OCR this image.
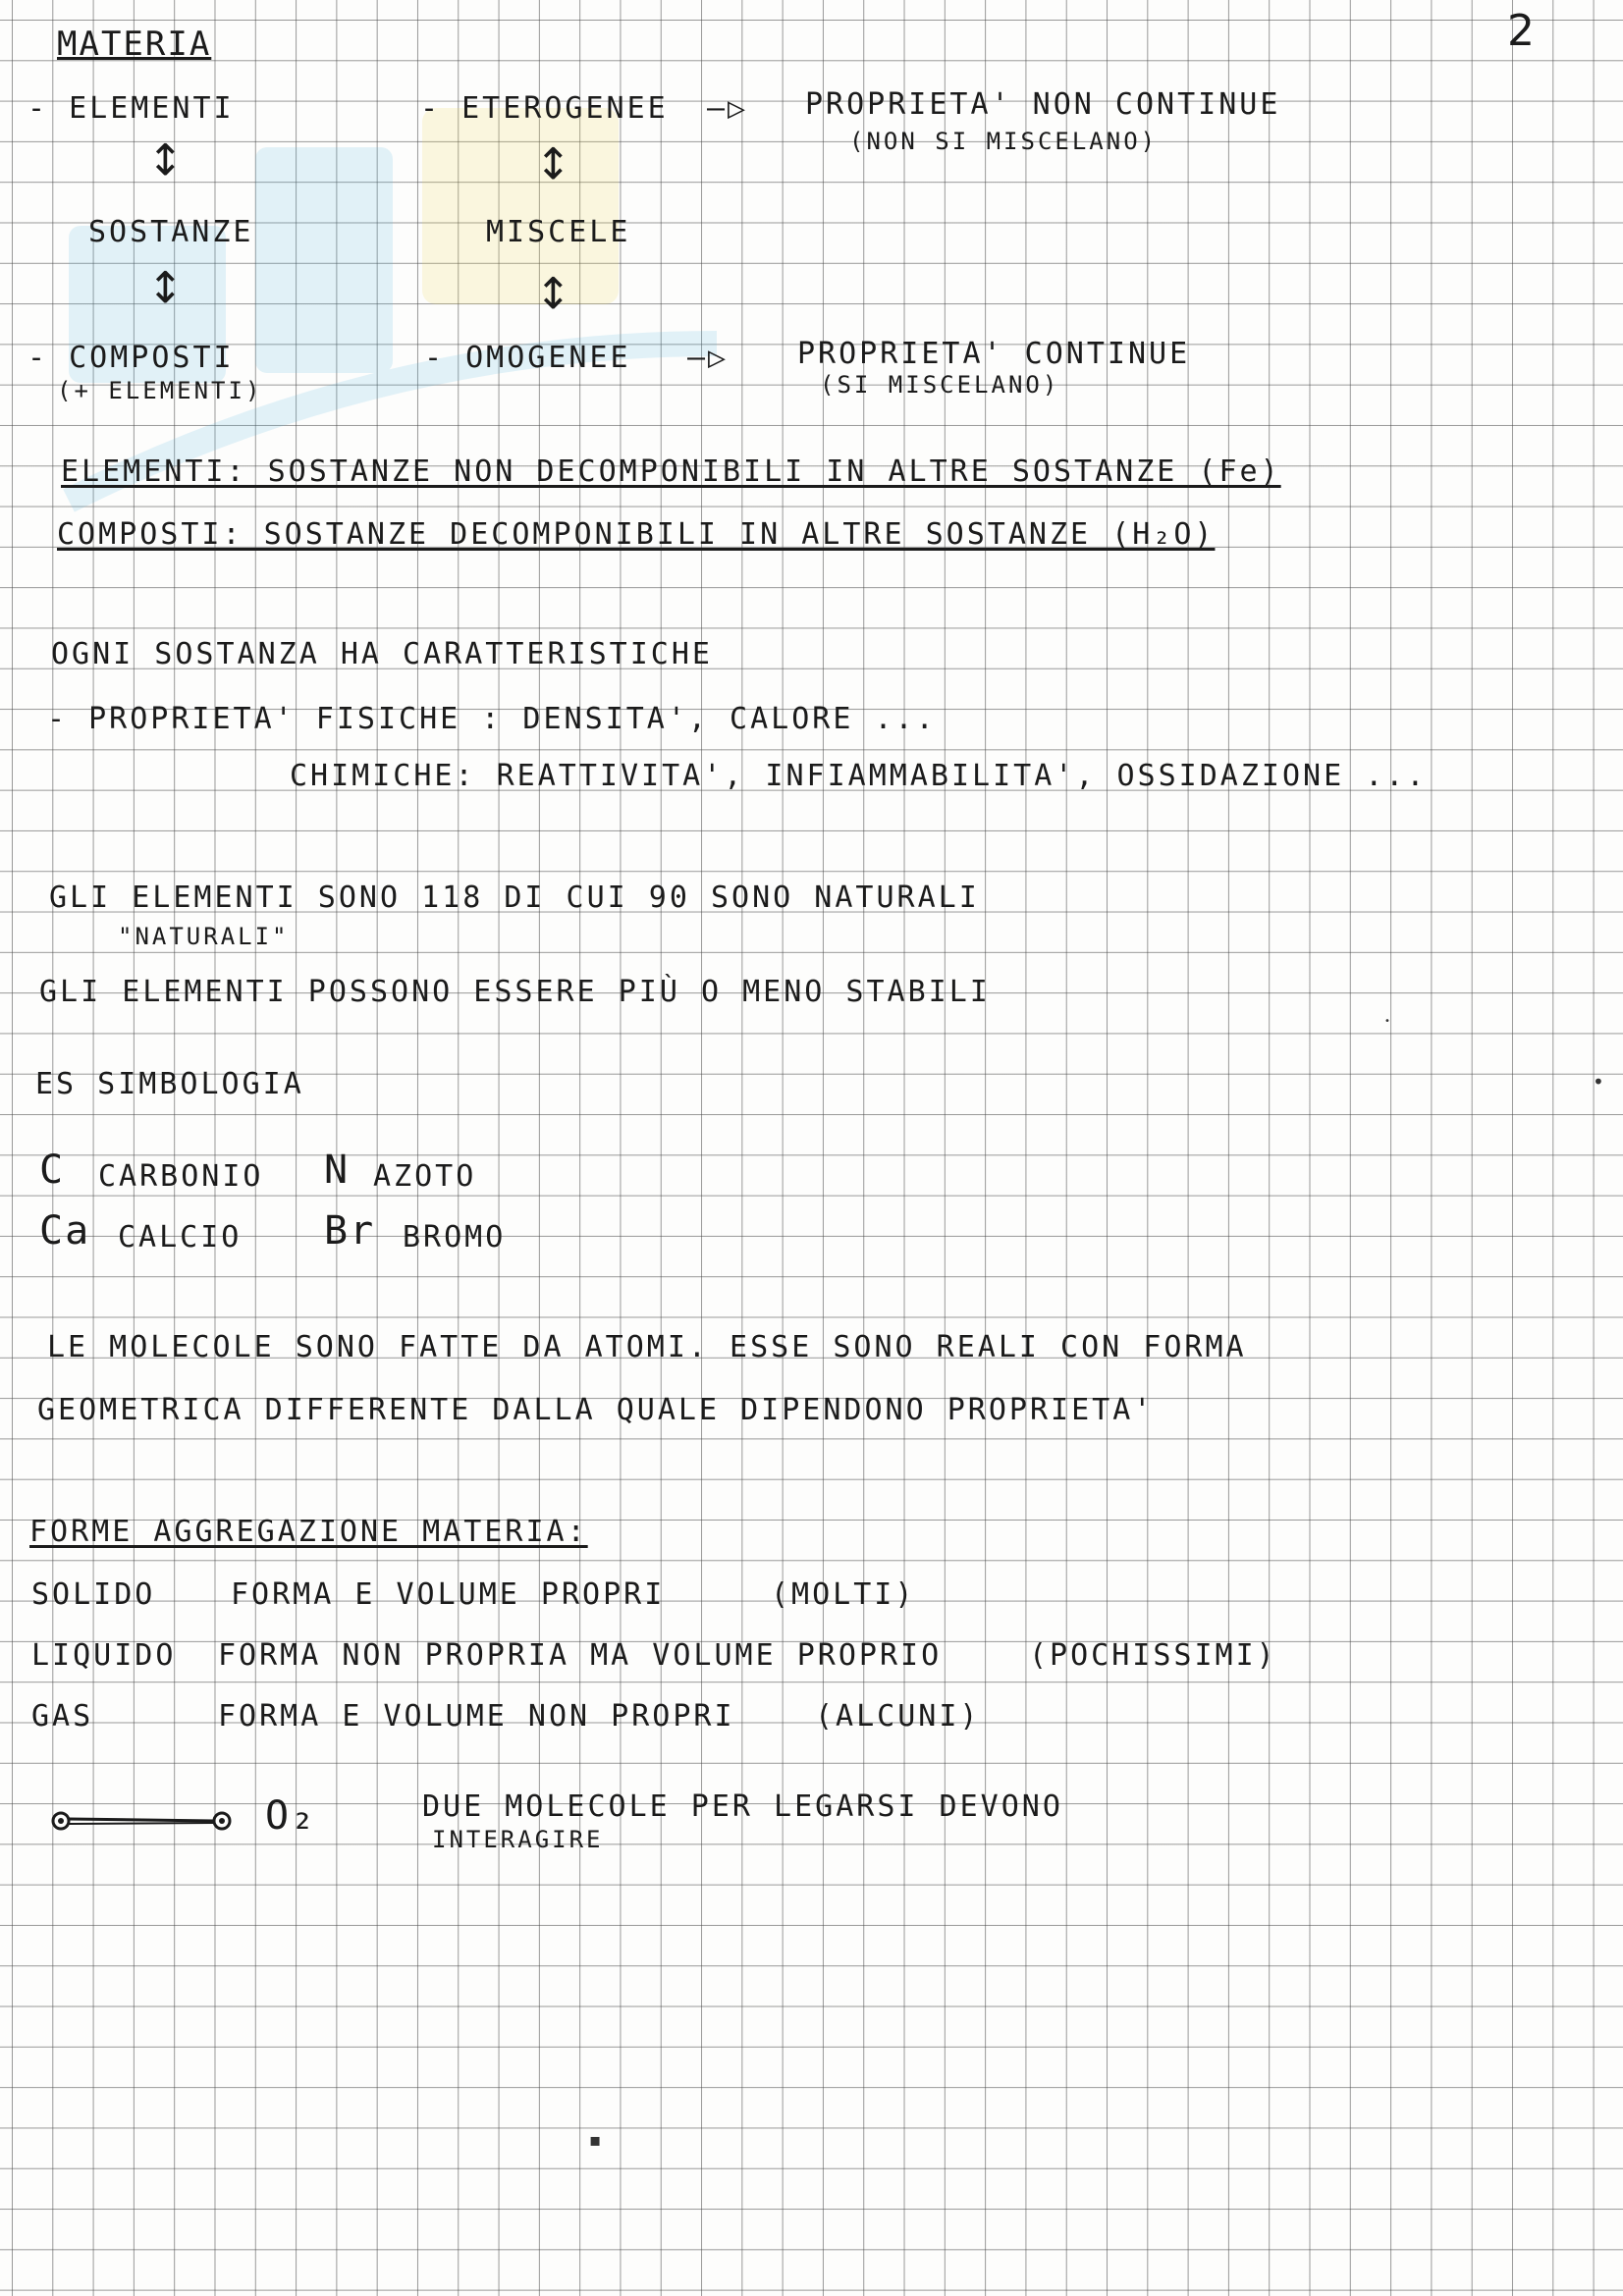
2
MATERIA
- ELEMENTI
↕
SOSTANZE
↕
- COMPOSTI
(+ ELEMENTI)
- ETEROGENEE
↕
MISCELE
↕
- OMOGENEE
—▷ PROPRIETA' NON CONTINUE
(NON SI MISCELANO)
—▷ PROPRIETA' CONTINUE
(SI MISCELANO)
ELEMENTI: SOSTANZE NON DECOMPONIBILI IN ALTRE SOSTANZE (Fe)
COMPOSTI: SOSTANZE DECOMPONIBILI IN ALTRE SOSTANZE (H₂O)
OGNI SOSTANZA HA CARATTERISTICHE
- PROPRIETA' FISICHE : DENSITA', CALORE ...
CHIMICHE: REATTIVITA', INFIAMMABILITA', OSSIDAZIONE ...
GLI ELEMENTI SONO 118 DI CUI 90 SONO NATURALI
"NATURALI"
GLI ELEMENTI POSSONO ESSERE PIÙ O MENO STABILI
ES SIMBOLOGIA
C CARBONIO N AZOTO
Ca CALCIO Br BROMO
LE MOLECOLE SONO FATTE DA ATOMI. ESSE SONO REALI CON FORMA
GEOMETRICA DIFFERENTE DALLA QUALE DIPENDONO PROPRIETA'
FORME AGGREGAZIONE MATERIA:
SOLIDO	FORMA E VOLUME PROPRI	(MOLTI)
LIQUIDO FORMA NON PROPRIA MA VOLUME PROPRIO	(POCHISSIMI)
GAS	FORMA E VOLUME NON PROPRI	(ALCUNI)
O₂	DUE MOLECOLE PER LEGARSI DEVONO
INTERAGIRE
•
•
▪
